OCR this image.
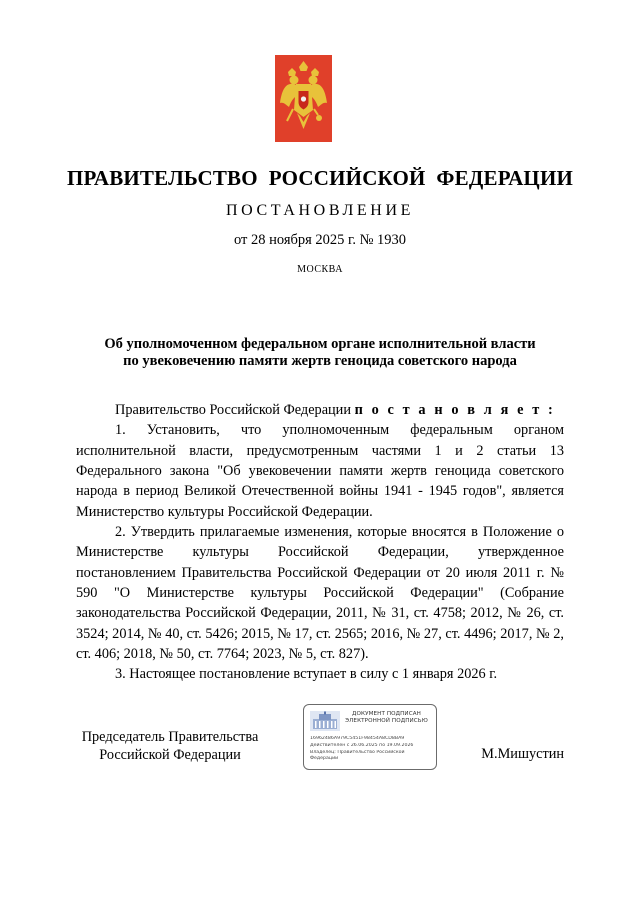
ПРАВИТЕЛЬСТВО  РОССИЙСКОЙ  ФЕДЕРАЦИИ
ПОСТАНОВЛЕНИЕ
от 28 ноября 2025 г. № 1930
МОСКВА
Об уполномоченном федеральном органе исполнительной власти
по увековечению памяти жертв геноцида советского народа

Правительство Российской Федерации п о с т а н о в л я е т :

1. Установить, что уполномоченным федеральным органом исполнительной власти, предусмотренным частями 1 и 2 статьи 13 Федерального закона "Об увековечении памяти жертв геноцида советского народа в период Великой Отечественной войны 1941 - 1945 годов", является Министерство культуры Российской Федерации.

2. Утвердить прилагаемые изменения, которые вносятся в Положение о Министерстве культуры Российской Федерации, утвержденное постановлением Правительства Российской Федерации от 20 июля 2011 г. № 590 "О Министерстве культуры Российской Федерации" (Собрание законодательства Российской Федерации, 2011, № 31, ст. 4758; 2012, № 26, ст. 3524; 2014, № 40, ст. 5426; 2015, № 17, ст. 2565; 2016, № 27, ст. 4496; 2017, № 2, ст. 406; 2018, № 50, ст. 7764; 2023, № 5, ст. 827).

3. Настоящее постановление вступает в силу с 1 января 2026 г.

Председатель Правительства
Российской Федерации
ДОКУМЕНТ ПОДПИСАН
ЭЛЕКТРОННОЙ ПОДПИСЬЮ
16962486A979C5451F98454A8CD8BA9
Действителен с 26.06.2025 по 19.09.2026
Владелец: Правительство Российской Федерации	М.Мишустин
